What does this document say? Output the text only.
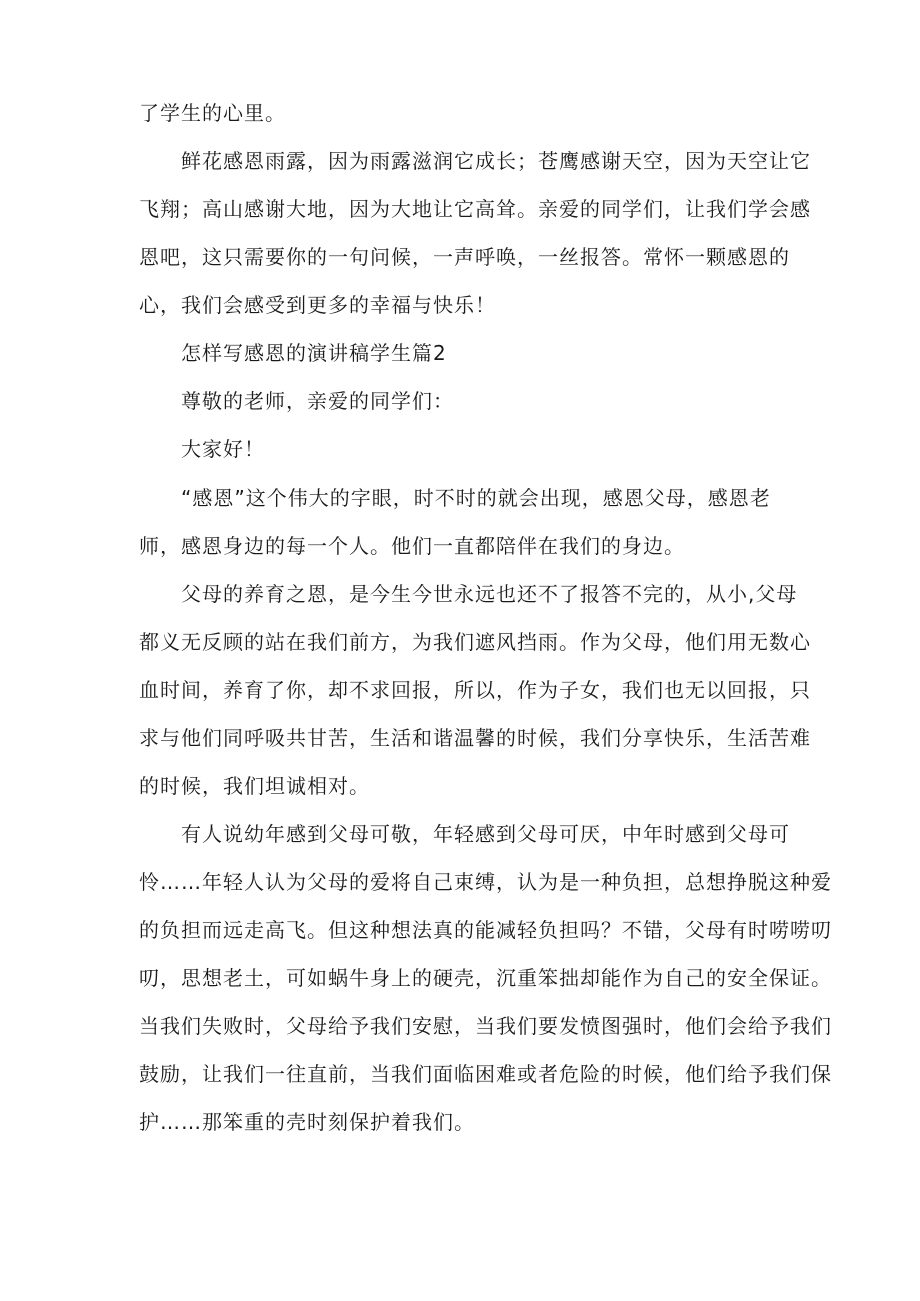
了学生的心里。
鲜花感恩雨露，因为雨露滋润它成长；苍鹰感谢天空，因为天空让它
飞翔；高山感谢大地，因为大地让它高耸。亲爱的同学们，让我们学会感
恩吧，这只需要你的一句问候，一声呼唤，一丝报答。常怀一颗感恩的
心，我们会感受到更多的幸福与快乐！
怎样写感恩的演讲稿学生篇2
尊敬的老师，亲爱的同学们：
大家好！
“感恩”这个伟大的字眼，时不时的就会出现，感恩父母，感恩老
师，感恩身边的每一个人。他们一直都陪伴在我们的身边。
父母的养育之恩，是今生今世永远也还不了报答不完的，从小,父母
都义无反顾的站在我们前方，为我们遮风挡雨。作为父母，他们用无数心
血时间，养育了你，却不求回报，所以，作为子女，我们也无以回报，只
求与他们同呼吸共甘苦，生活和谐温馨的时候，我们分享快乐，生活苦难
的时候，我们坦诚相对。
有人说幼年感到父母可敬，年轻感到父母可厌，中年时感到父母可
怜……年轻人认为父母的爱将自己束缚，认为是一种负担，总想挣脱这种爱
的负担而远走高飞。但这种想法真的能减轻负担吗？不错，父母有时唠唠叨
叨，思想老土，可如蜗牛身上的硬壳，沉重笨拙却能作为自己的安全保证。
当我们失败时，父母给予我们安慰，当我们要发愤图强时，他们会给予我们
鼓励，让我们一往直前，当我们面临困难或者危险的时候，他们给予我们保
护……那笨重的壳时刻保护着我们。
